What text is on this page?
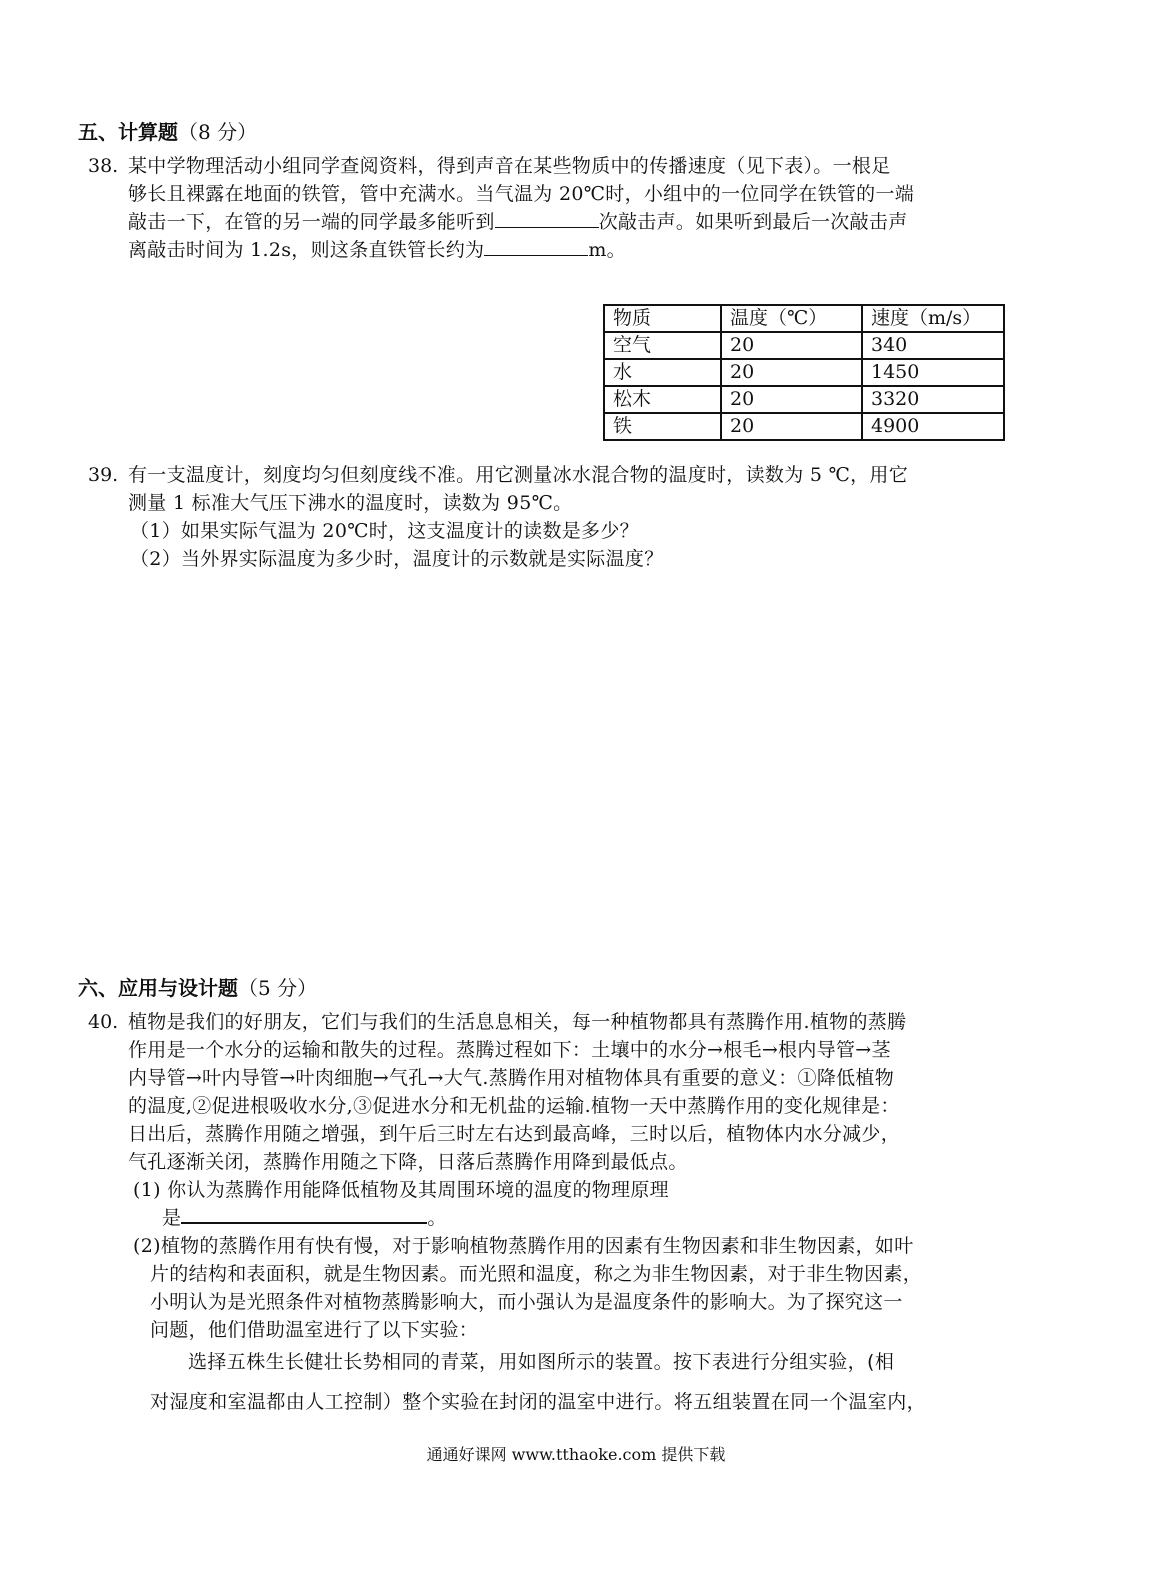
五、计算题（8 分）
38. 某中学物理活动小组同学查阅资料，得到声音在某些物质中的传播速度（见下表）。一根足
够长且裸露在地面的铁管，管中充满水。当气温为 20℃时，小组中的一位同学在铁管的一端
敲击一下，在管的另一端的同学最多能听到	次敲击声。如果听到最后一次敲击声
离敲击时间为 1.2s，则这条直铁管长约为	m。
物质	温度（℃）	速度（m/s）
空气	20	340
水	20	1450
松木	20	3320
铁	20	4900
39. 有一支温度计，刻度均匀但刻度线不准。用它测量冰水混合物的温度时，读数为 5 ℃，用它
测量 1 标准大气压下沸水的温度时，读数为 95℃。
（1）如果实际气温为 20℃时，这支温度计的读数是多少？
（2）当外界实际温度为多少时，温度计的示数就是实际温度？
六、应用与设计题（5 分）
40. 植物是我们的好朋友，它们与我们的生活息息相关，每一种植物都具有蒸腾作用.植物的蒸腾
作用是一个水分的运输和散失的过程。蒸腾过程如下：土壤中的水分→根毛→根内导管→茎
内导管→叶内导管→叶肉细胞→气孔→大气.蒸腾作用对植物体具有重要的意义：①降低植物
的温度,②促进根吸收水分,③促进水分和无机盐的运输.植物一天中蒸腾作用的变化规律是：
日出后，蒸腾作用随之增强，到午后三时左右达到最高峰，三时以后，植物体内水分减少，
气孔逐渐关闭，蒸腾作用随之下降，日落后蒸腾作用降到最低点。
(1) 你认为蒸腾作用能降低植物及其周围环境的温度的物理原理
是	。
(2)植物的蒸腾作用有快有慢，对于影响植物蒸腾作用的因素有生物因素和非生物因素，如叶
片的结构和表面积，就是生物因素。而光照和温度，称之为非生物因素，对于非生物因素，
小明认为是光照条件对植物蒸腾影响大，而小强认为是温度条件的影响大。为了探究这一
问题，他们借助温室进行了以下实验：
选择五株生长健壮长势相同的青菜，用如图所示的装置。按下表进行分组实验，(相
对湿度和室温都由人工控制）整个实验在封闭的温室中进行。将五组装置在同一个温室内，
通通好课网 www.tthaoke.com 提供下载
